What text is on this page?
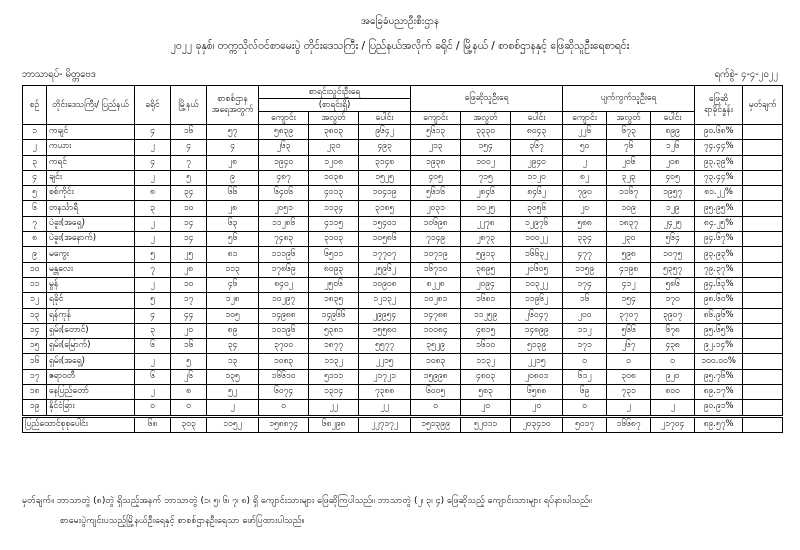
အခြေခံပညာဦးစီးဌာန
၂၀၂၂ ခုနှစ်၊ တက္ကသိုလ်ဝင်စာမေးပွဲ တိုင်းဒေသကြီး / ပြည်နယ်အလိုက် ခရိုင် / မြို့နယ် / စာစစ်ဌာနနှင့် ဖြေဆိုသူဦးရေစာရင်း
ဘာသာရပ်- မိတ္တဗေဒ	ရက်စွဲ- ၄-၄-၂၀၂၂
စဉ်	တိုင်းဒေသကြီး/ ပြည်နယ်	ခရိုင်	မြို့နယ်	စာစစ်ဌာန အရေအတွက်	စာရင်းသွင်းဦးရေ			ဖြေဆိုသူဦးရေ			ပျက်ကွက်သူဦးရေ			ဖြေဆို ရာခိုင်နှုန်း	မှတ်ချက်
					(စာရင်းရှိ)										
					ကျောင်း	အလွတ်	ပေါင်း	ကျောင်း	အလွတ်	ပေါင်း	ကျောင်း	အလွတ်	ပေါင်း		
၁	ကချင်	၄	၁၆	၅၇	၅၈၃၉	၃၈၀၃	၉၆၄၂	၅၆၁၃	၃၃၃၀	၈၀၄၃	၂၂၆	၆၇၃	၈၉၉	၉၀.၆၈%	
၂	ကယား	၂	၄	၄	၂၆၃	၂၃၀	၄၉၃	၂၁၃	၁၅၄	၃၆၇	၅၀	၇၆	၁၂၆	၇၄.၄၄%	
၃	ကရင်	၄	၇	၂၈	၁၉၄၀	၁၂၀၈	၃၁၄၈	၁၉၃၈	၁၀၀၂	၂၉၄၀	၂	၂၀၆	၂၀၈	၉၃.၃၉%	
၄	ချင်း	၂	၅	၉	၄၈၇	၁၀၃၈	၁၅၂၅	၄၀၅	၇၁၅	၁၁၂၀	၈၂	၃၂၃	၄၀၅	၇၃.၄၄%	
၅	စစ်ကိုင်း	၈	၃၄	၆၆	၆၄၀၆	၄၀၁၃	၁၀၄၁၉	၅၆၁၆	၂၈၄၆	၈၄၆၂	၇၉၀	၁၁၆၇	၁၉၅၇	၈၁.၂၂%	
၆	တနင်္သာရီ	၃	၁၀	၂၈	၂၀၅၁	၁၁၃၄	၃၁၈၅	၂၀၃၁	၁၀၂၅	၃၀၅၆	၂၀	၁၀၉	၁၂၉	၉၅.၉၅%	
၇	ပဲခူး(အရှေ့)	၂	၁၄	၆၃	၁၁၂၈၆	၄၁၁၅	၁၅၄၀၁	၁၀၆၉၈	၂၂၇၈	၁၂၉၇၆	၅၈၈	၁၈၃၇	၂၄၂၅	၈၄.၂၅%	
၈	ပဲခူး(အနောက်)	၂	၁၄	၅၆	၇၄၈၃	၃၁၀၃	၁၀၅၈၆	၇၁၄၉	၂၈၇၃	၁၀၀၂၂	၃၃၄	၂၃၀	၅၆၄	၉၄.၆၇%	
၉	မကွေး	၅	၂၅	၈၁	၁၁၁၉၆	၆၅၁၁	၁၇၇၀၇	၁၀၇၁၉	၅၉၁၃	၁၆၆၃၂	၄၇၇	၅၉၈	၁၀၇၅	၉၃.၉၃%	
၁၀	မန္တလေး	၇	၂၈	၁၁၃	၁၇၈၆၉	၈၀၉၃	၂၅၉၆၂	၁၆၇၁၀	၃၈၉၅	၂၀၆၀၅	၁၁၅၉	၄၁၉၈	၅၃၅၇	၇၉.၃၇%	
၁၁	မွန်	၂	၁၀	၄၆	၈၄၀၂	၂၅၀၆	၁၀၉၀၈	၈၂၂၈	၂၀၉၄	၁၀၃၂၂	၁၇၄	၄၁၂	၅၈၆	၉၄.၆၃%	
၁၂	ရခိုင်	၅	၁၇	၁၂၈	၁၀၂၉၇	၁၈၃၅	၁၂၁၃၂	၁၀၂၈၁	၁၆၈၁	၁၁၉၆၂	၁၆	၁၅၄	၁၇၀	၉၈.၆၀%	
၁၃	ရန်ကုန်	၄	၄၄	၁၀၅	၁၄၉၈၈	၁၄၉၆၆	၂၉၉၅၄	၁၄၇၈၈	၁၁၂၅၉	၂၆၀၄၇	၂၀၀	၃၇၀၇	၃၉၀၇	၈၆.၉၆%	
၁၄	ရှမ်း(တောင်)	၃	၂၀	၈၉	၁၀၁၉၆	၅၃၈၁	၁၅၅၈၀	၁၀၀၈၄	၄၈၁၅	၁၄၈၉၉	၁၁၂	၅၆၆	၆၇၈	၉၅.၆၅%	
၁၅	ရှမ်း(မြောက်)	၆	၁၆	၃၄	၃၇၀၀	၁၈၇၇	၅၅၇၇	၃၅၂၉	၁၆၁၀	၅၁၃၉	၁၇၁	၂၆၇	၄၃၈	၉၂.၁၄%	
၁၆	ရှမ်း(အရှေ့)	၂	၅	၁၃	၁၀၈၃	၁၁၃၂	၂၂၁၅	၁၀၈၃	၁၁၃၂	၂၂၁၅	၀	၀	၀	၁၀၀.၀၀%	
၁၇	ဧရာဝတီ	၆	၂၆	၁၃၅	၁၆၆၁၀	၅၁၁၁	၂၁၇၂၁	၁၅၉၉၈	၄၈၀၃	၂၀၈၀၁	၆၁၂	၃၀၈	၉၂၀	၉၅.၇၆%	
၁၈	နေပြည်တော်	၂	၈	၅၂	၆၀၇၄	၁၃၁၄	၇၃၈၈	၆၀၀၅	၅၈၃	၆၅၈၈	၆၉	၇၃၁	၈၀၀	၈၉.၁၇%	
၁၉	နိုင်ငံခြား	၀	၀	၂	၀	၂၂	၂၂	၀	၂၀	၂၀	၀	၂	၂	၉၀.၉၁%	
ပြည်ထောင်စုစုပေါင်း		၆၈	၃၀၃	၁၁၅၂	၁၅၈၈၇၄	၆၈၂၉၈	၂၂၇၁၇၂	၁၅၁၃၉၉	၅၂၀၁၁	၂၀၃၄၁၀	၅၀၁၇	၁၆၆၈၇	၂၁၇၀၄	၈၉.၅၇%	
မှတ်ချက်။ ဘာသာတွဲ (၈)တွဲ ရှိသည့်အနက် ဘာသာတွဲ (၁၊ ၅၊ ၆၊ ၇၊ ၈) ရှိ ကျောင်းသားများ ဖြေဆိုကြပါသည်။ ဘာသာတွဲ (၂၊ ၃၊ ၄) ဖြေဆိုသည့် ကျောင်းသားများ ရပ်နားပါသည်။
စာမေးပွဲကျင်းပသည့်မြို့နယ်ဦးရေနှင့် စာစစ်ဌာနဦးရေသာ ဖော်ပြထားပါသည်။
